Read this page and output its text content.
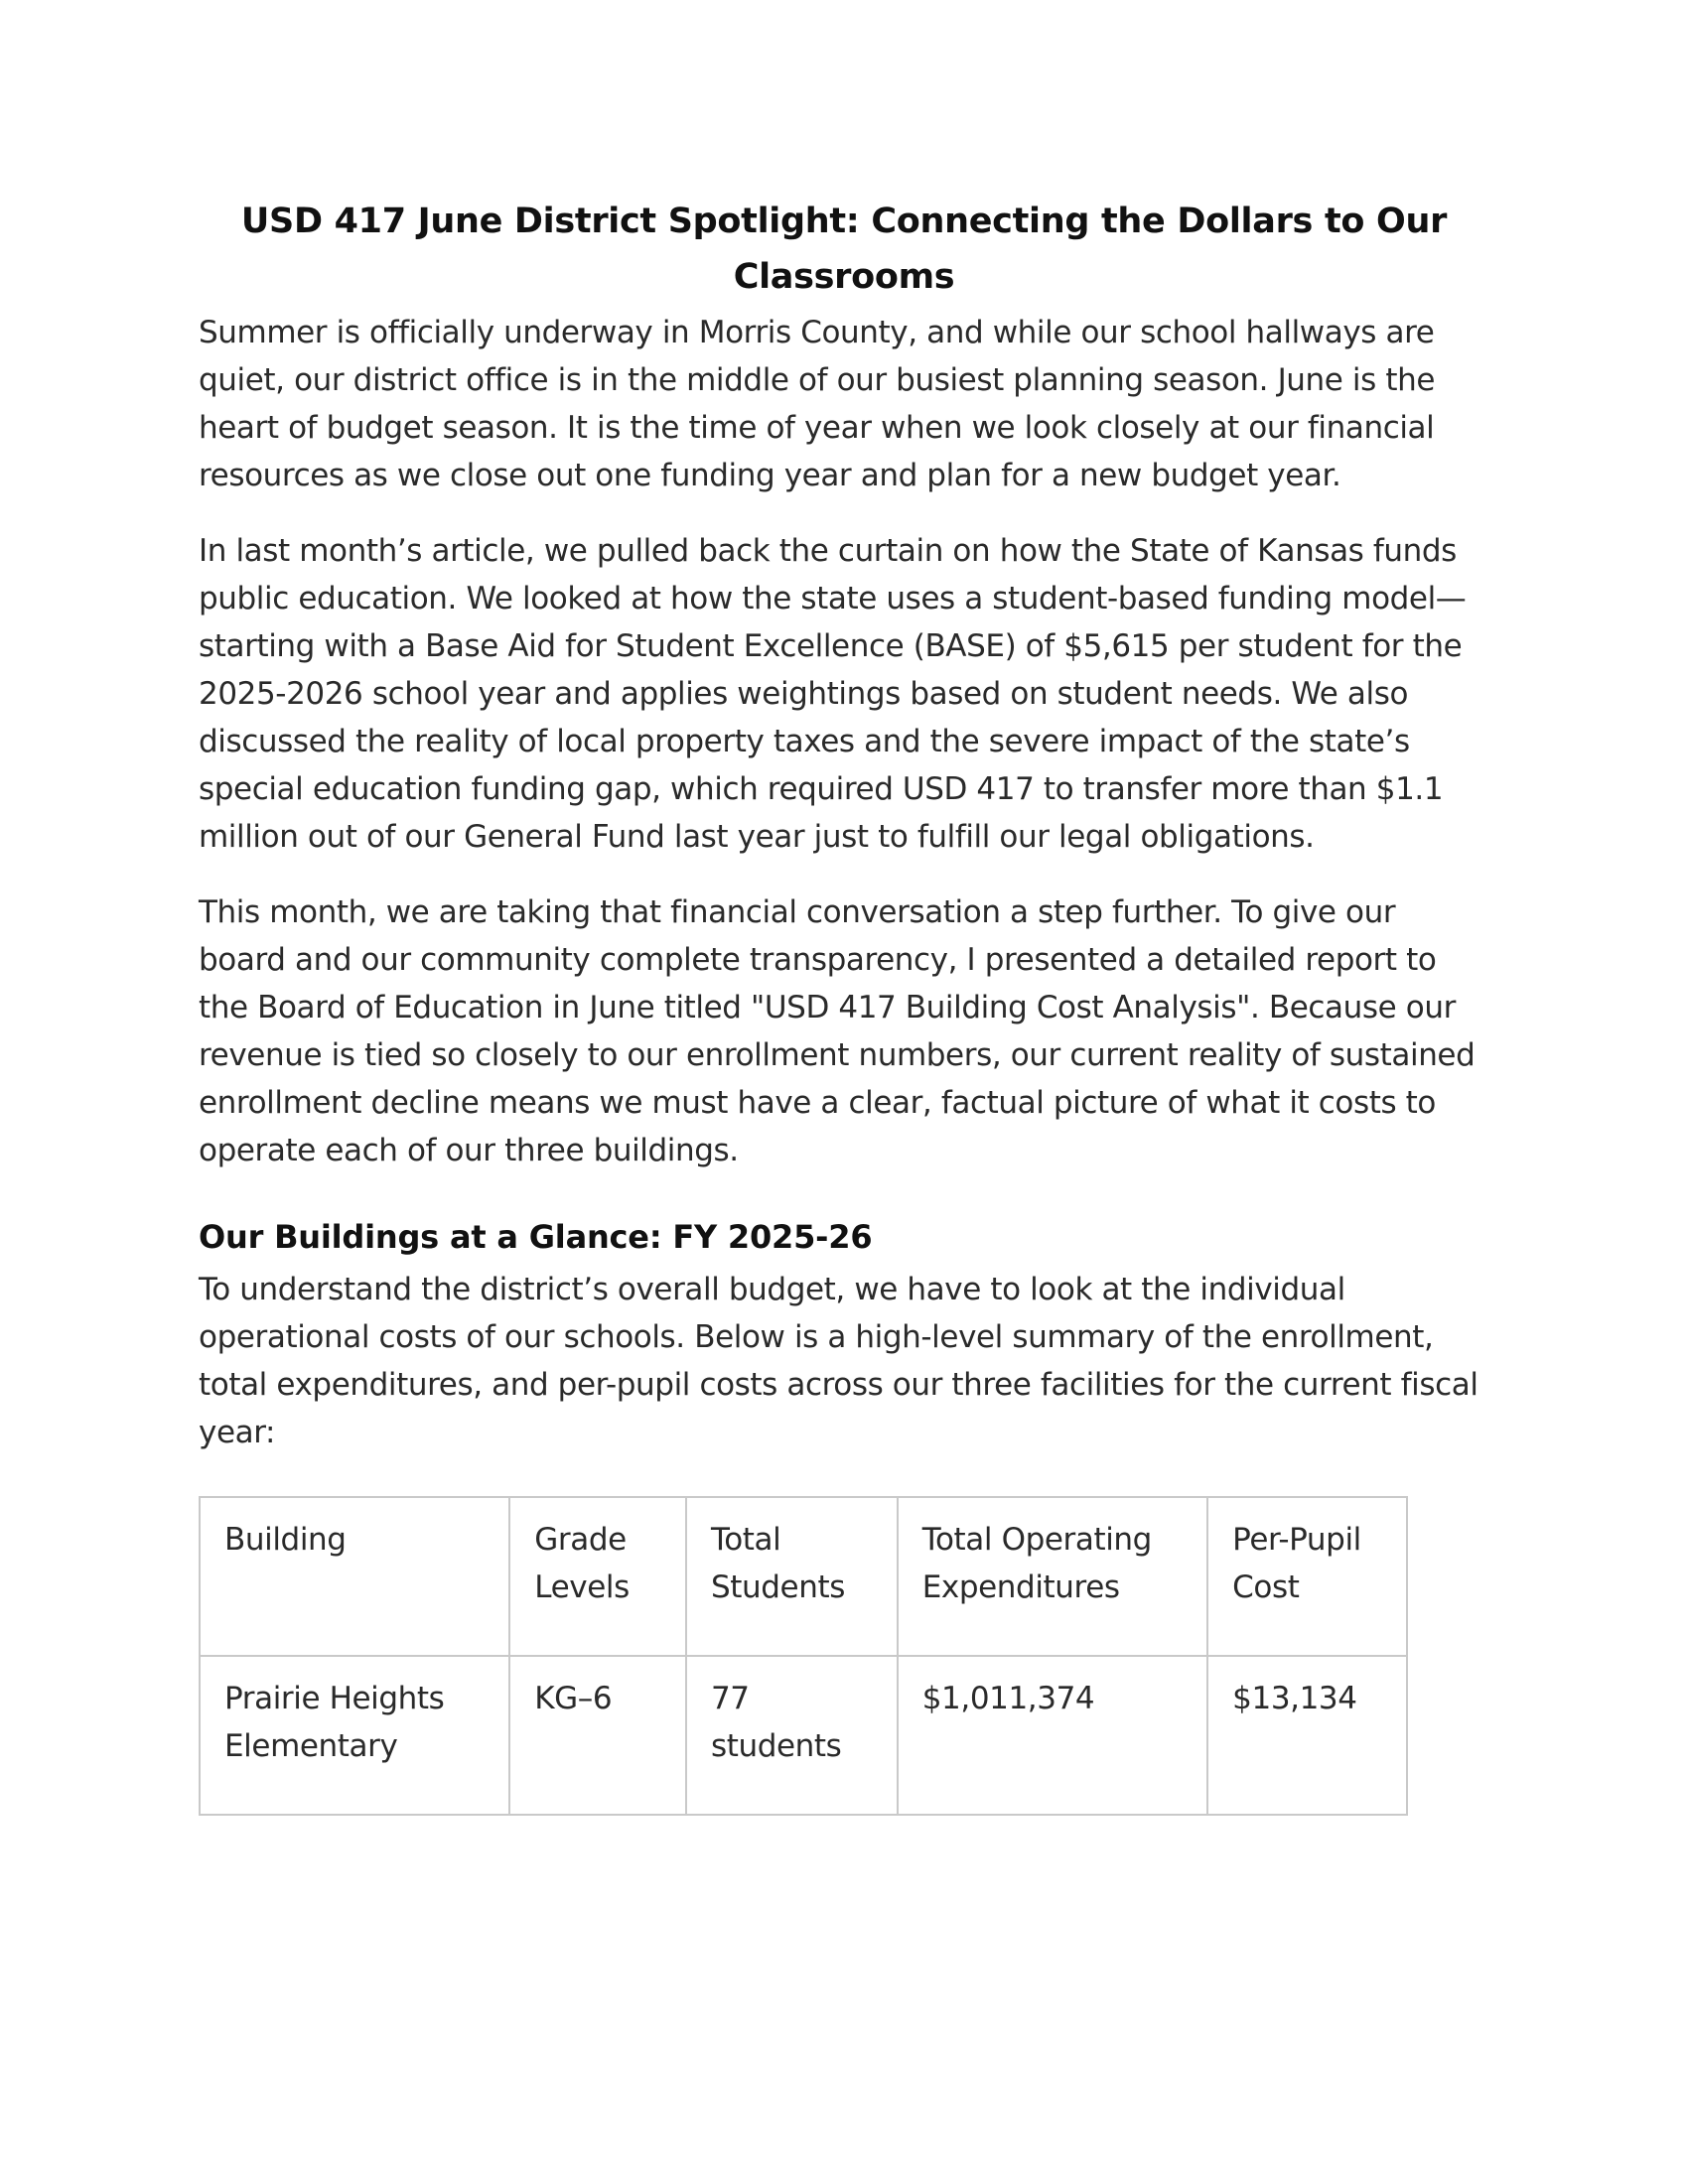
USD 417 June District Spotlight: Connecting the Dollars to Our Classrooms

Summer is officially underway in Morris County, and while our school hallways are quiet, our district office is in the middle of our busiest planning season. June is the heart of budget season. It is the time of year when we look closely at our financial resources as we close out one funding year and plan for a new budget year.

In last month’s article, we pulled back the curtain on how the State of Kansas funds public education. We looked at how the state uses a student-based funding model—starting with a Base Aid for Student Excellence (BASE) of $5,615 per student for the 2025-2026 school year and applies weightings based on student needs. We also discussed the reality of local property taxes and the severe impact of the state’s special education funding gap, which required USD 417 to transfer more than $1.1 million out of our General Fund last year just to fulfill our legal obligations.

This month, we are taking that financial conversation a step further. To give our board and our community complete transparency, I presented a detailed report to the Board of Education in June titled "USD 417 Building Cost Analysis". Because our revenue is tied so closely to our enrollment numbers, our current reality of sustained enrollment decline means we must have a clear, factual picture of what it costs to operate each of our three buildings.

Our Buildings at a Glance: FY 2025-26

To understand the district’s overall budget, we have to look at the individual operational costs of our schools. Below is a high-level summary of the enrollment, total expenditures, and per-pupil costs across our three facilities for the current fiscal year:

Building	Grade Levels	Total Students	Total Operating Expenditures	Per-Pupil Cost
Prairie Heights Elementary	KG–6	77 students	$1,011,374	$13,134
